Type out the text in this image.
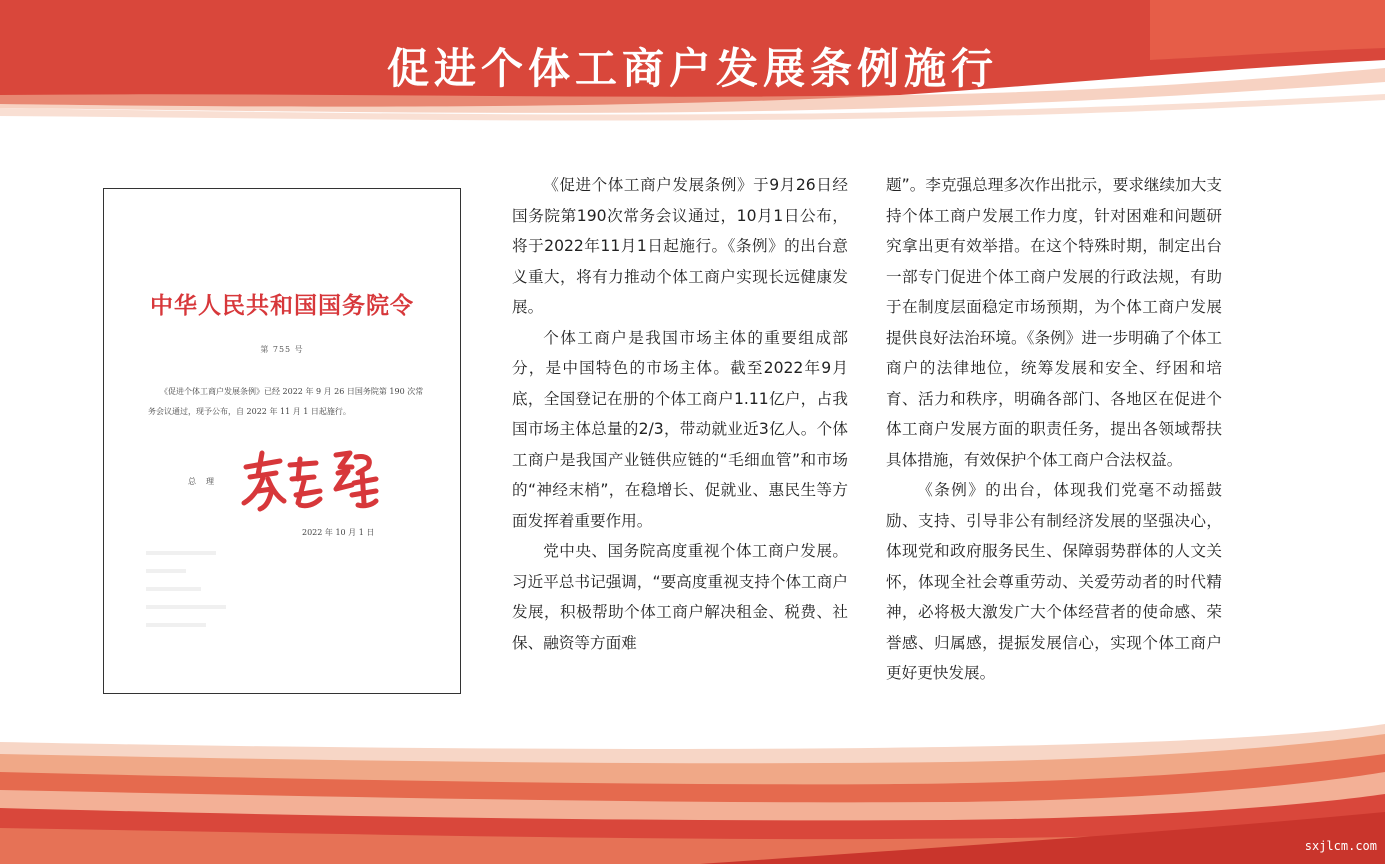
促进个体工商户发展条例施行
中华人民共和国国务院令
第 755 号
《促进个体工商户发展条例》已经 2022 年 9 月 26 日国务院第 190 次常务会议通过，现予公布，自 2022 年 11 月 1 日起施行。
总　理
2022 年 10 月 1 日

《促进个体工商户发展条例》于9月26日经国务院第190次常务会议通过，10月1日公布，将于2022年11月1日起施行。《条例》的出台意义重大，将有力推动个体工商户实现长远健康发展。

个体工商户是我国市场主体的重要组成部分，是中国特色的市场主体。截至2022年9月底，全国登记在册的个体工商户1.11亿户，占我国市场主体总量的2/3，带动就业近3亿人。个体工商户是我国产业链供应链的“毛细血管”和市场的“神经末梢”，在稳增长、促就业、惠民生等方面发挥着重要作用。

党中央、国务院高度重视个体工商户发展。习近平总书记强调，“要高度重视支持个体工商户发展，积极帮助个体工商户解决租金、税费、社保、融资等方面难

题”。李克强总理多次作出批示，要求继续加大支持个体工商户发展工作力度，针对困难和问题研究拿出更有效举措。在这个特殊时期，制定出台一部专门促进个体工商户发展的行政法规，有助于在制度层面稳定市场预期，为个体工商户发展提供良好法治环境。《条例》进一步明确了个体工商户的法律地位，统筹发展和安全、纾困和培育、活力和秩序，明确各部门、各地区在促进个体工商户发展方面的职责任务，提出各领域帮扶具体措施，有效保护个体工商户合法权益。

《条例》的出台，体现我们党毫不动摇鼓励、支持、引导非公有制经济发展的坚强决心，体现党和政府服务民生、保障弱势群体的人文关怀，体现全社会尊重劳动、关爱劳动者的时代精神，必将极大激发广大个体经营者的使命感、荣誉感、归属感，提振发展信心，实现个体工商户更好更快发展。

sxjlcm.com
